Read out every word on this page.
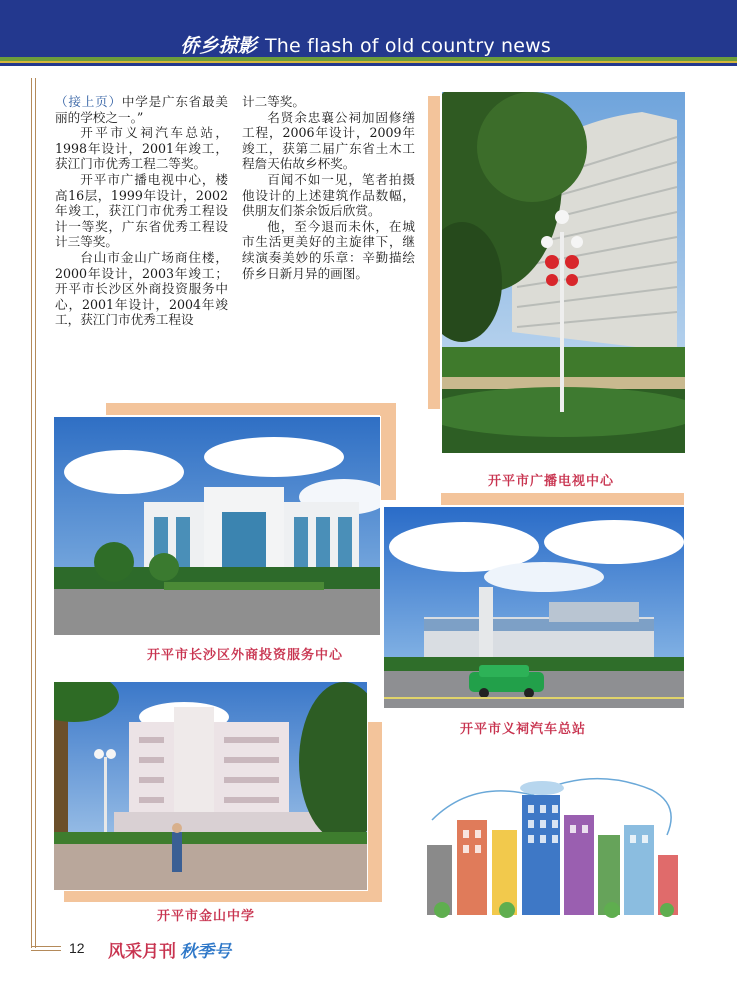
侨乡掠影 The flash of old country news

（接上页）中学是广东省最美丽的学校之一。”

开平市义祠汽车总站，1998年设计，2001年竣工，获江门市优秀工程二等奖。

开平市广播电视中心，楼高16层，1999年设计，2002年竣工，获江门市优秀工程设计一等奖，广东省优秀工程设计三等奖。

台山市金山广场商住楼，2000年设计，2003年竣工；开平市长沙区外商投资服务中心，2001年设计，2004年竣工，获江门市优秀工程设

计二等奖。

名贤余忠襄公祠加固修缮工程，2006年设计，2009年竣工，获第二届广东省土木工程詹天佑故乡杯奖。

百闻不如一见，笔者拍摄他设计的上述建筑作品数幅，供朋友们茶余饭后欣赏。

他，至今退而未休，在城市生活更美好的主旋律下，继续演奏美妙的乐章：辛勤描绘侨乡日新月异的画图。

开平市广播电视中心
开平市长沙区外商投资服务中心
开平市义祠汽车总站
开平市金山中学
12 风采月刊 秋季号
